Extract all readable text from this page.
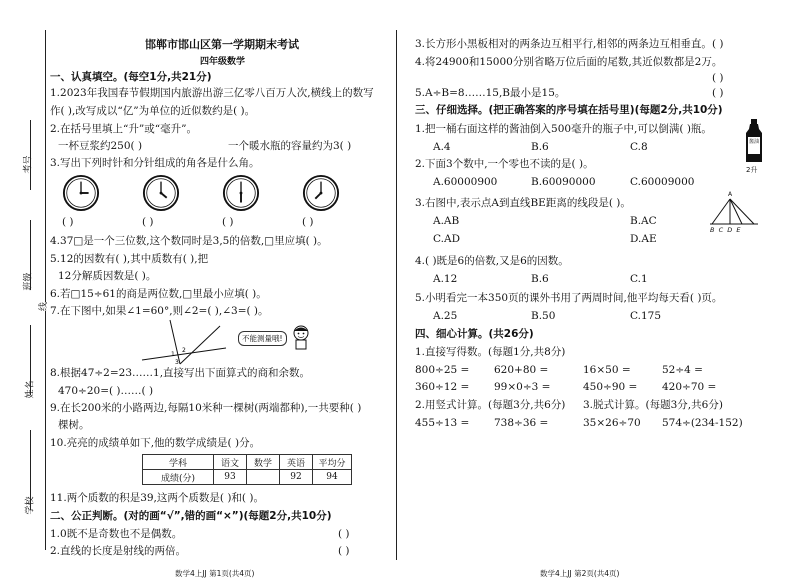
考号
班级
姓名
学校
线
邯郸市邯山区第一学期期末考试
四年级数学
一、认真填空。(每空1分,共21分)
1.2023年我国春节假期国内旅游出游三亿零八百万人次,横线上的数写
作( ),改写成以“亿”为单位的近似数约是( )。
2.在括号里填上“升”或“毫升”。
一杯豆浆约250( )	一个暖水瓶的容量约为3( )
3.写出下列时针和分针组成的角各是什么角。
( )	( )	( )	( )
4.37□是一个三位数,这个数同时是3,5的倍数,□里应填( )。
5.12的因数有( ),其中质数有( ),把
12分解质因数是( )。
6.若□15÷61的商是两位数,□里最小应填( )。
7.在下图中,如果∠1=60°,则∠2=( ),∠3=( )。
1
2
3
不能测量哦!
8.根据47÷2=23……1,直接写出下面算式的商和余数。
470÷20=( )……( )
9.在长200米的小路两边,每隔10米种一棵树(两端都种),一共要种( )
棵树。
10.亮亮的成绩单如下,他的数学成绩是( )分。
学科	语文	数学	英语	平均分
成绩(分)	93		92	94
11.两个质数的积是39,这两个质数是( )和( )。
二、公正判断。(对的画“√”,错的画“×”)(每题2分,共10分)
1.0既不是奇数也不是偶数。	( )
2.直线的长度是射线的两倍。	( )
数学4上JJ 第1页(共4页)
3.长方形小黑板相对的两条边互相平行,相邻的两条边互相垂直。 ( )
4.将24900和15000分别省略万位后面的尾数,其近似数都是2万。
( )
5.A÷B=8……15,B最小是15。	( )
三、仔细选择。(把正确答案的序号填在括号里)(每题2分,共10分)
1.把一桶右面这样的酱油倒入500毫升的瓶子中,可以倒满( )瓶。
A.4	B.6	C.8	酱油
2升
2.下面3个数中,一个零也不读的是( )。
A.60000900	B.60090000	C.60009000
3.右图中,表示点A到直线BE距离的线段是( )。
A.AB	B.AC
C.AD	D.AE
A
B  C  D  E
4.( )既是6的倍数,又是6的因数。
A.12	B.6	C.1
5.小明看完一本350页的课外书用了两周时间,他平均每天看( )页。
A.25	B.50	C.175
四、细心计算。(共26分)
1.直接写得数。(每题1分,共8分)
800÷25 = 620+80 =	16×50 =	52÷4 =
360÷12 = 99×0÷3 =	450÷90 = 420÷70 =
2.用竖式计算。(每题3分,共6分) 3.脱式计算。(每题3分,共6分)
455÷13 = 738÷36 =	35×26÷70 574÷(234-152)
数学4上JJ 第2页(共4页)
